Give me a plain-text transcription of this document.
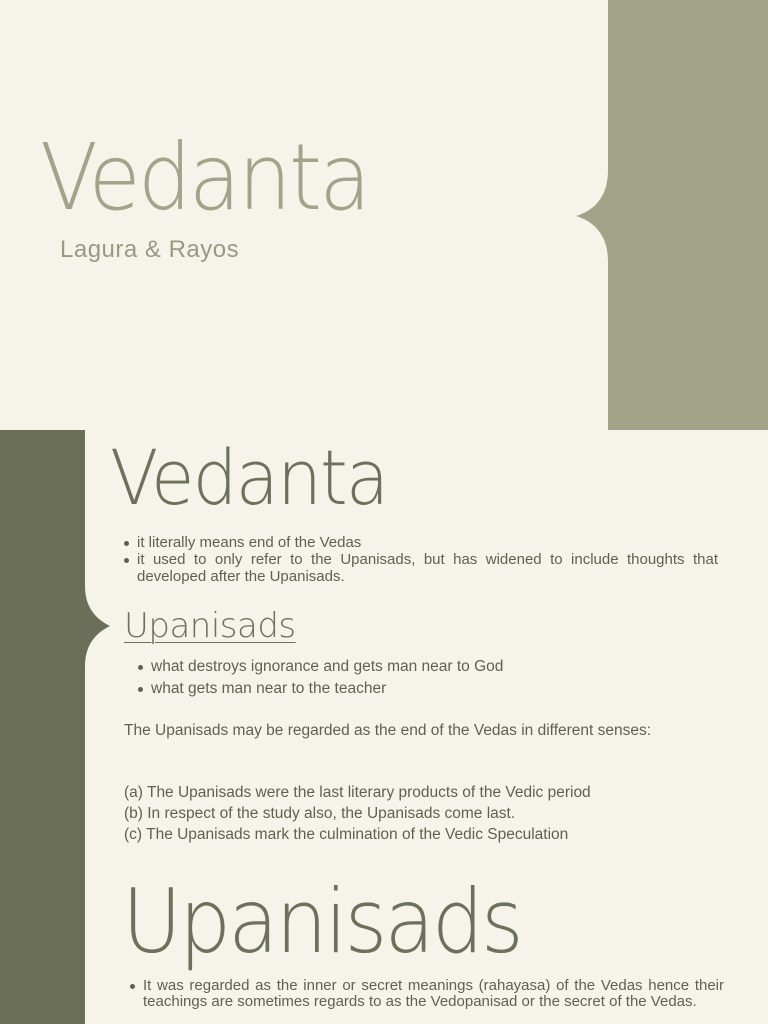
Vedanta

Lagura & Rayos

Vedanta
it literally means end of the Vedas
it used to only refer to the Upanisads, but has widened to include thoughts that developed after the Upanisads.
Upanisads
what destroys ignorance and gets man near to God
what gets man near to the teacher

The Upanisads may be regarded as the end of the Vedas in different senses:

(a) The Upanisads were the last literary products of the Vedic period
(b) In respect of the study also, the Upanisads come last.
(c) The Upanisads mark the culmination of the Vedic Speculation
Upanisads
It was regarded as the inner or secret meanings (rahayasa) of the Vedas hence their teachings are sometimes regards to as the Vedopanisad or the secret of the Vedas.
